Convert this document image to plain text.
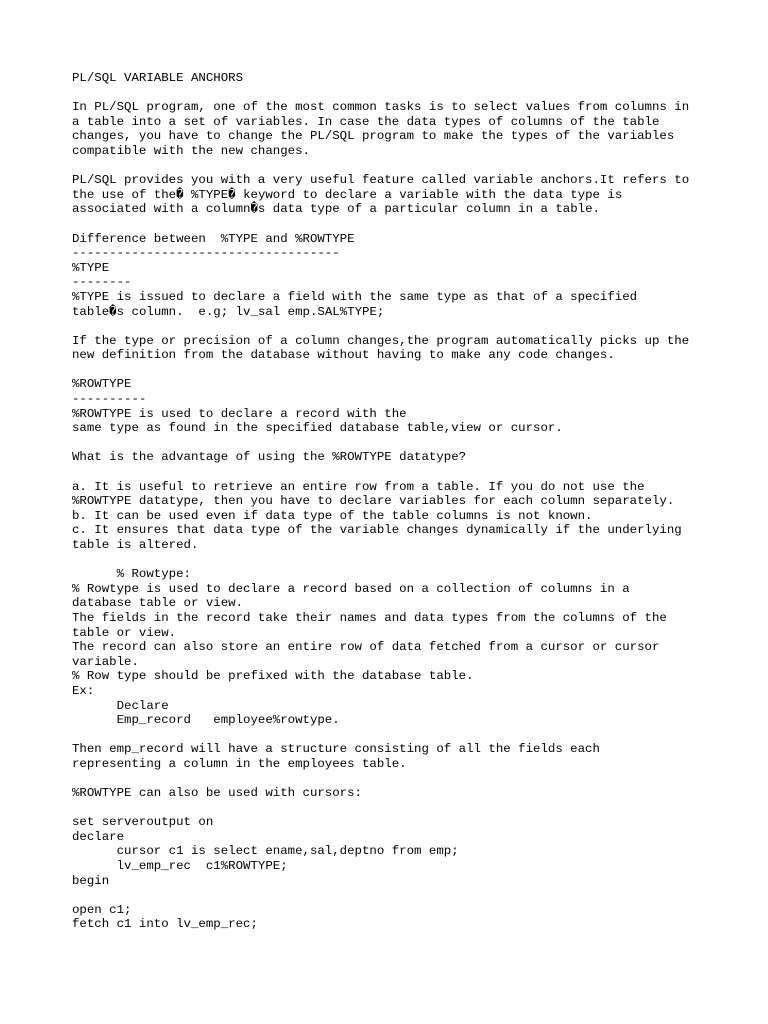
PL/SQL VARIABLE ANCHORS
In PL/SQL program, one of the most common tasks is to select values from columns in
a table into a set of variables. In case the data types of columns of the table
changes, you have to change the PL/SQL program to make the types of the variables
compatible with the new changes.
PL/SQL provides you with a very useful feature called variable anchors.It refers to
the use of the� %TYPE� keyword to declare a variable with the data type is
associated with a column�s data type of a particular column in a table.
Difference between  %TYPE and %ROWTYPE
------------------------------------
%TYPE
--------
%TYPE is issued to declare a field with the same type as that of a specified
table�s column.  e.g; lv_sal emp.SAL%TYPE;
If the type or precision of a column changes,the program automatically picks up the
new definition from the database without having to make any code changes.
%ROWTYPE
----------
%ROWTYPE is used to declare a record with the
same type as found in the specified database table,view or cursor.
What is the advantage of using the %ROWTYPE datatype?
a. It is useful to retrieve an entire row from a table. If you do not use the
%ROWTYPE datatype, then you have to declare variables for each column separately.
b. It can be used even if data type of the table columns is not known.
c. It ensures that data type of the variable changes dynamically if the underlying
table is altered.
% Rowtype:
% Rowtype is used to declare a record based on a collection of columns in a
database table or view.
The fields in the record take their names and data types from the columns of the
table or view.
The record can also store an entire row of data fetched from a cursor or cursor
variable.
% Row type should be prefixed with the database table.
Ex:
Declare
Emp_record   employee%rowtype.
Then emp_record will have a structure consisting of all the fields each
representing a column in the employees table.
%ROWTYPE can also be used with cursors:
set serveroutput on
declare
cursor c1 is select ename,sal,deptno from emp;
lv_emp_rec  c1%ROWTYPE;
begin
open c1;
fetch c1 into lv_emp_rec;
